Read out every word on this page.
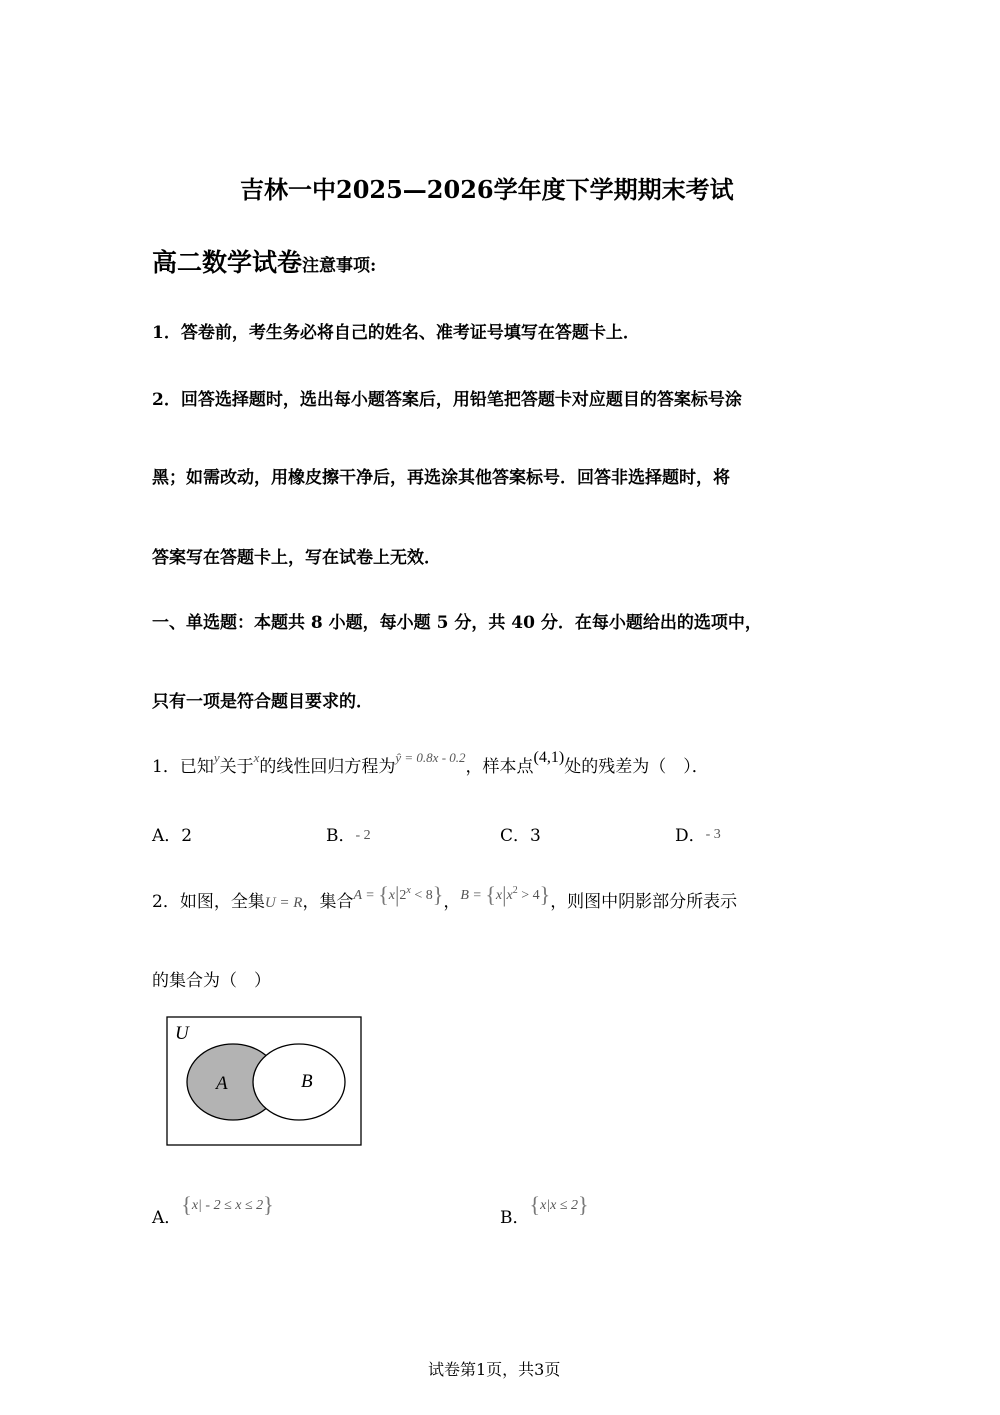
吉林一中2025—2026学年度下学期期末考试
高二数学试卷注意事项:
1．答卷前，考生务必将自己的姓名、准考证号填写在答题卡上．
2．回答选择题时，选出每小题答案后，用铅笔把答题卡对应题目的答案标号涂
黑；如需改动，用橡皮擦干净后，再选涂其他答案标号．回答非选择题时，将
答案写在答题卡上，写在试卷上无效．
一、单选题：本题共 8 小题，每小题 5 分，共 40 分．在每小题给出的选项中，
只有一项是符合题目要求的．
1．已知$^y$关于$^x$的线性回归方程为$^{ŷ = 0.8x - 0.2}$，样本点(4,1)处的残差为（　）．
A．2	B．- 2	C．3	D．- 3
2．如图，全集U = R，集合$^{A = \{x|2^x < 8\}}$，$^{B = \{x|x^2 > 4\}}$，则图中阴影部分所表示
的集合为（　）
U
A	B
A．$^{\{x| - 2 \le x \le 2\}}$
B．$^{\{x|x \le 2\}}$
试卷第1页，共3页
